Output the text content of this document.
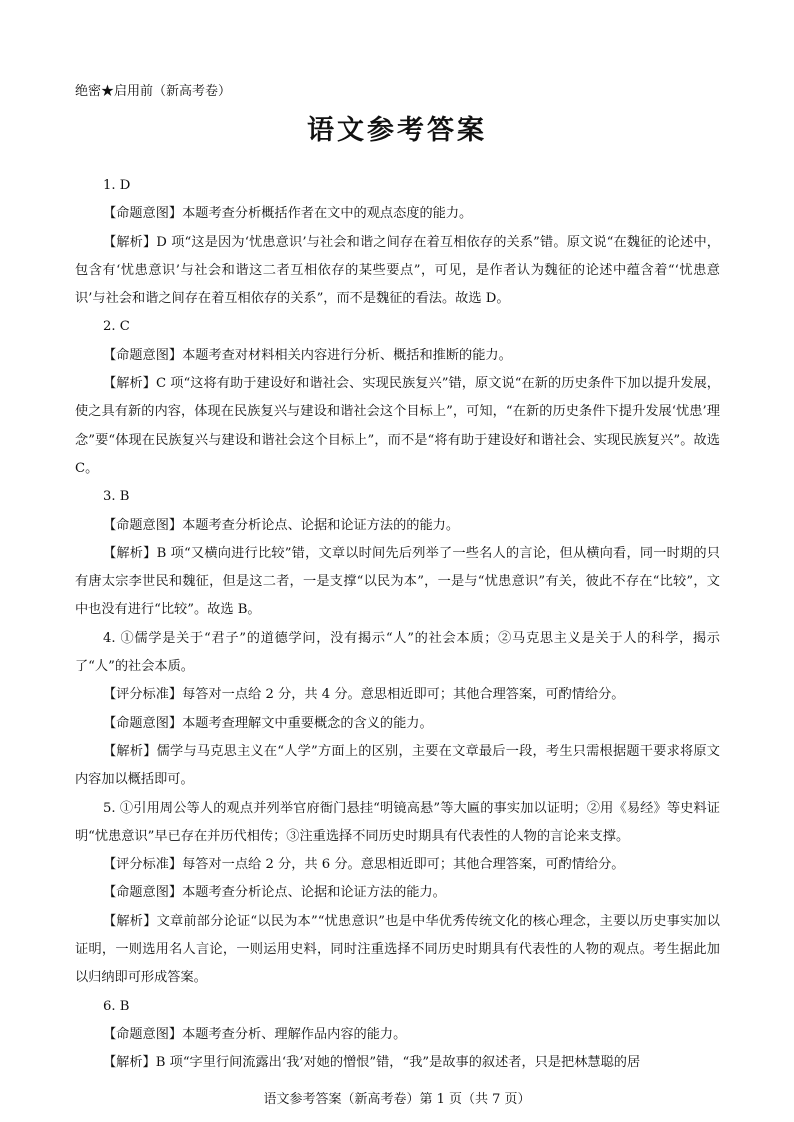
绝密★启用前（新高考卷）
语文参考答案

1. D

【命题意图】本题考查分析概括作者在文中的观点态度的能力。

【解析】D 项“这是因为‘忧患意识’与社会和谐之间存在着互相依存的关系”错。原文说“在魏征的论述中，包含有‘忧患意识’与社会和谐这二者互相依存的某些要点”，可见，是作者认为魏征的论述中蕴含着“‘忧患意识’与社会和谐之间存在着互相依存的关系”，而不是魏征的看法。故选 D。

2. C

【命题意图】本题考查对材料相关内容进行分析、概括和推断的能力。

【解析】C 项“这将有助于建设好和谐社会、实现民族复兴”错，原文说“在新的历史条件下加以提升发展，使之具有新的内容，体现在民族复兴与建设和谐社会这个目标上”，可知，“在新的历史条件下提升发展‘忧患’理念”要“体现在民族复兴与建设和谐社会这个目标上”，而不是“将有助于建设好和谐社会、实现民族复兴”。故选 C。

3. B

【命题意图】本题考查分析论点、论据和论证方法的的能力。

【解析】B 项“又横向进行比较”错，文章以时间先后列举了一些名人的言论，但从横向看，同一时期的只有唐太宗李世民和魏征，但是这二者，一是支撑“以民为本”，一是与“忧患意识”有关，彼此不存在“比较”，文中也没有进行“比较”。故选 B。

4. ①儒学是关于“君子”的道德学问，没有揭示“人”的社会本质；②马克思主义是关于人的科学，揭示了“人”的社会本质。

【评分标准】每答对一点给 2 分，共 4 分。意思相近即可；其他合理答案，可酌情给分。

【命题意图】本题考查理解文中重要概念的含义的能力。

【解析】儒学与马克思主义在“人学”方面上的区别，主要在文章最后一段，考生只需根据题干要求将原文内容加以概括即可。

5. ①引用周公等人的观点并列举官府衙门悬挂“明镜高悬”等大匾的事实加以证明；②用《易经》等史料证明“忧患意识”早已存在并历代相传；③注重选择不同历史时期具有代表性的人物的言论来支撑。

【评分标准】每答对一点给 2 分，共 6 分。意思相近即可；其他合理答案，可酌情给分。

【命题意图】本题考查分析论点、论据和论证方法的能力。

【解析】文章前部分论证“以民为本”“忧患意识”也是中华优秀传统文化的核心理念，主要以历史事实加以证明，一则选用名人言论，一则运用史料，同时注重选择不同历史时期具有代表性的人物的观点。考生据此加以归纳即可形成答案。

6. B

【命题意图】本题考查分析、理解作品内容的能力。

【解析】B 项“字里行间流露出‘我’对她的憎恨”错，“我”是故事的叙述者，只是把林慧聪的居

语文参考答案（新高考卷）第 1 页（共 7 页）
